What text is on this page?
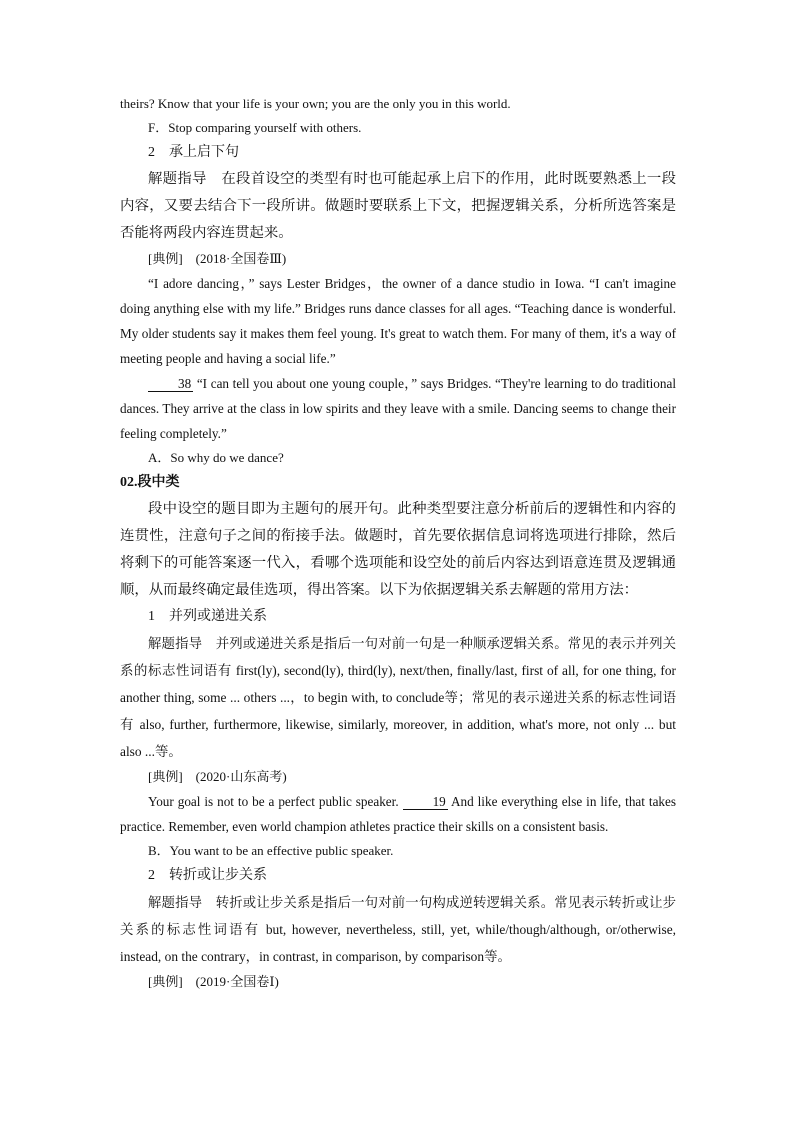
theirs? Know that your life is your own; you are the only you in this world.
F．Stop comparing yourself with others.
2　承上启下句
解题指导　在段首设空的类型有时也可能起承上启下的作用，此时既要熟悉上一段内容，又要去结合下一段所讲。做题时要联系上下文，把握逻辑关系，分析所选答案是否能将两段内容连贯起来。
[典例]　(2018·全国卷Ⅲ)
“I adore dancing，” says Lester Bridges，the owner of a dance studio in Iowa. “I can't imagine doing anything else with my life.” Bridges runs dance classes for all ages. “Teaching dance is wonderful. My older students say it makes them feel young. It's great to watch them. For many of them, it's a way of meeting people and having a social life.”
38 “I can tell you about one young couple，” says Bridges. “They're learning to do traditional dances. They arrive at the class in low spirits and they leave with a smile. Dancing seems to change their feeling completely.”
A．So why do we dance?
02.段中类
段中设空的题目即为主题句的展开句。此种类型要注意分析前后的逻辑性和内容的连贯性，注意句子之间的衔接手法。做题时，首先要依据信息词将选项进行排除，然后将剩下的可能答案逐一代入，看哪个选项能和设空处的前后内容达到语意连贯及逻辑通顺，从而最终确定最佳选项，得出答案。以下为依据逻辑关系去解题的常用方法：
1　并列或递进关系
解题指导　并列或递进关系是指后一句对前一句是一种顺承逻辑关系。常见的表示并列关系的标志性词语有 first(ly), second(ly), third(ly), next/then, finally/last, first of all, for one thing, for another thing, some ... others ...，to begin with, to conclude等；常见的表示递进关系的标志性词语有 also, further, furthermore, likewise, similarly, moreover, in addition, what's more, not only ... but also ...等。
[典例]　(2020·山东高考)
Your goal is not to be a perfect public speaker.	19 And like everything else in life, that takes practice. Remember, even world champion athletes practice their skills on a consistent basis.
B．You want to be an effective public speaker.
2　转折或让步关系
解题指导　转折或让步关系是指后一句对前一句构成逆转逻辑关系。常见表示转折或让步关系的标志性词语有 but, however, nevertheless, still, yet, while/though/although, or/otherwise, instead, on the contrary，in contrast, in comparison, by comparison等。
[典例]　(2019·全国卷Ⅰ)
